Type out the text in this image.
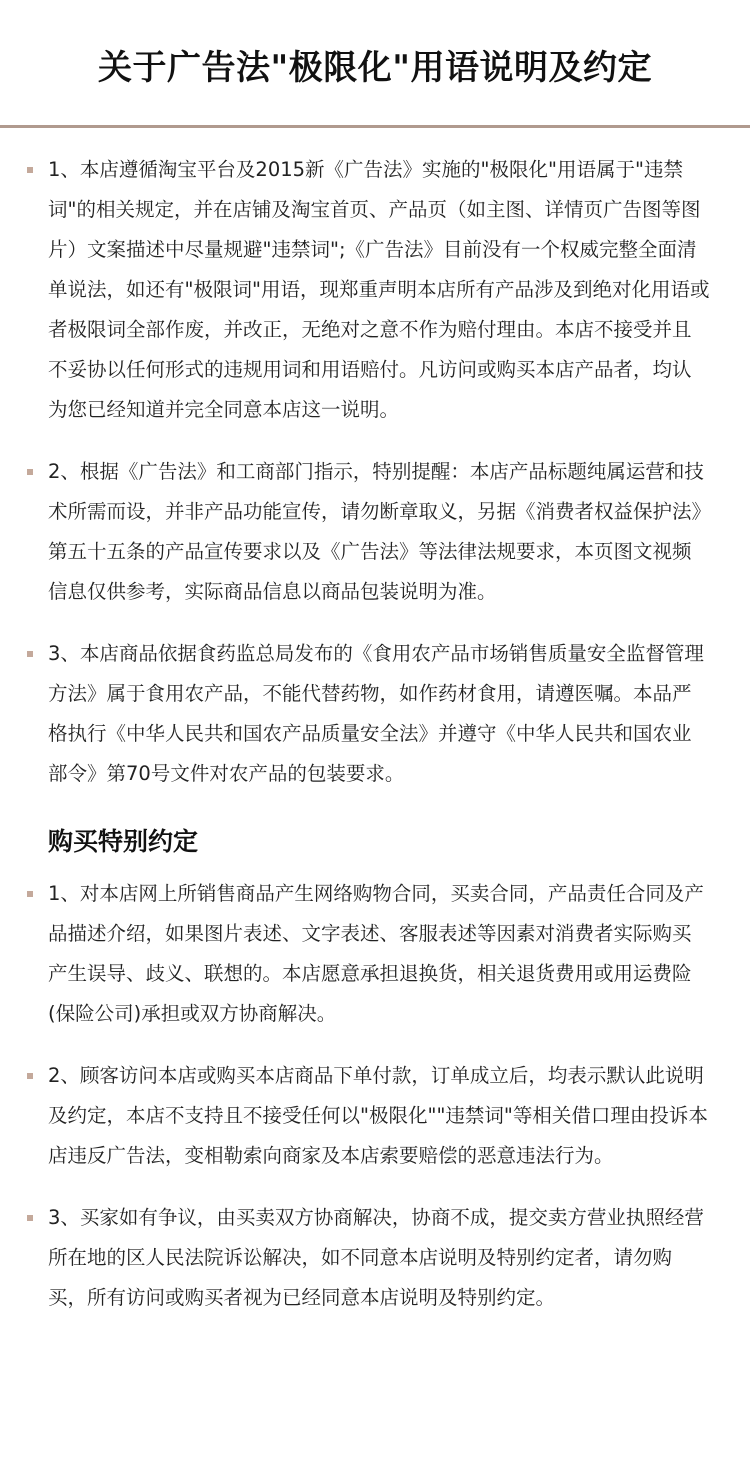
关于广告法"极限化"用语说明及约定

1、本店遵循淘宝平台及2015新《广告法》实施的"极限化"用语属于"违禁词"的相关规定，并在店铺及淘宝首页、产品页（如主图、详情页广告图等图片）文案描述中尽量规避"违禁词";《广告法》目前没有一个权威完整全面清单说法，如还有"极限词"用语，现郑重声明本店所有产品涉及到绝对化用语或者极限词全部作废，并改正，无绝对之意不作为赔付理由。本店不接受并且不妥协以任何形式的违规用词和用语赔付。凡访问或购买本店产品者，均认为您已经知道并完全同意本店这一说明。

2、根据《广告法》和工商部门指示，特别提醒：本店产品标题纯属运营和技术所需而设，并非产品功能宣传，请勿断章取义，另据《消费者权益保护法》第五十五条的产品宣传要求以及《广告法》等法律法规要求，本页图文视频信息仅供参考，实际商品信息以商品包装说明为准。

3、本店商品依据食药监总局发布的《食用农产品市场销售质量安全监督管理方法》属于食用农产品，不能代替药物，如作药材食用，请遵医嘱。本品严格执行《中华人民共和国农产品质量安全法》并遵守《中华人民共和国农业部令》第70号文件对农产品的包装要求。

购买特别约定

1、对本店网上所销售商品产生网络购物合同，买卖合同，产品责任合同及产品描述介绍，如果图片表述、文字表述、客服表述等因素对消费者实际购买产生误导、歧义、联想的。本店愿意承担退换货，相关退货费用或用运费险(保险公司)承担或双方协商解决。

2、顾客访问本店或购买本店商品下单付款，订单成立后，均表示默认此说明及约定，本店不支持且不接受任何以"极限化""违禁词"等相关借口理由投诉本店违反广告法，变相勒索向商家及本店索要赔偿的恶意违法行为。

3、买家如有争议，由买卖双方协商解决，协商不成，提交卖方营业执照经营所在地的区人民法院诉讼解决，如不同意本店说明及特别约定者，请勿购买，所有访问或购买者视为已经同意本店说明及特别约定。
